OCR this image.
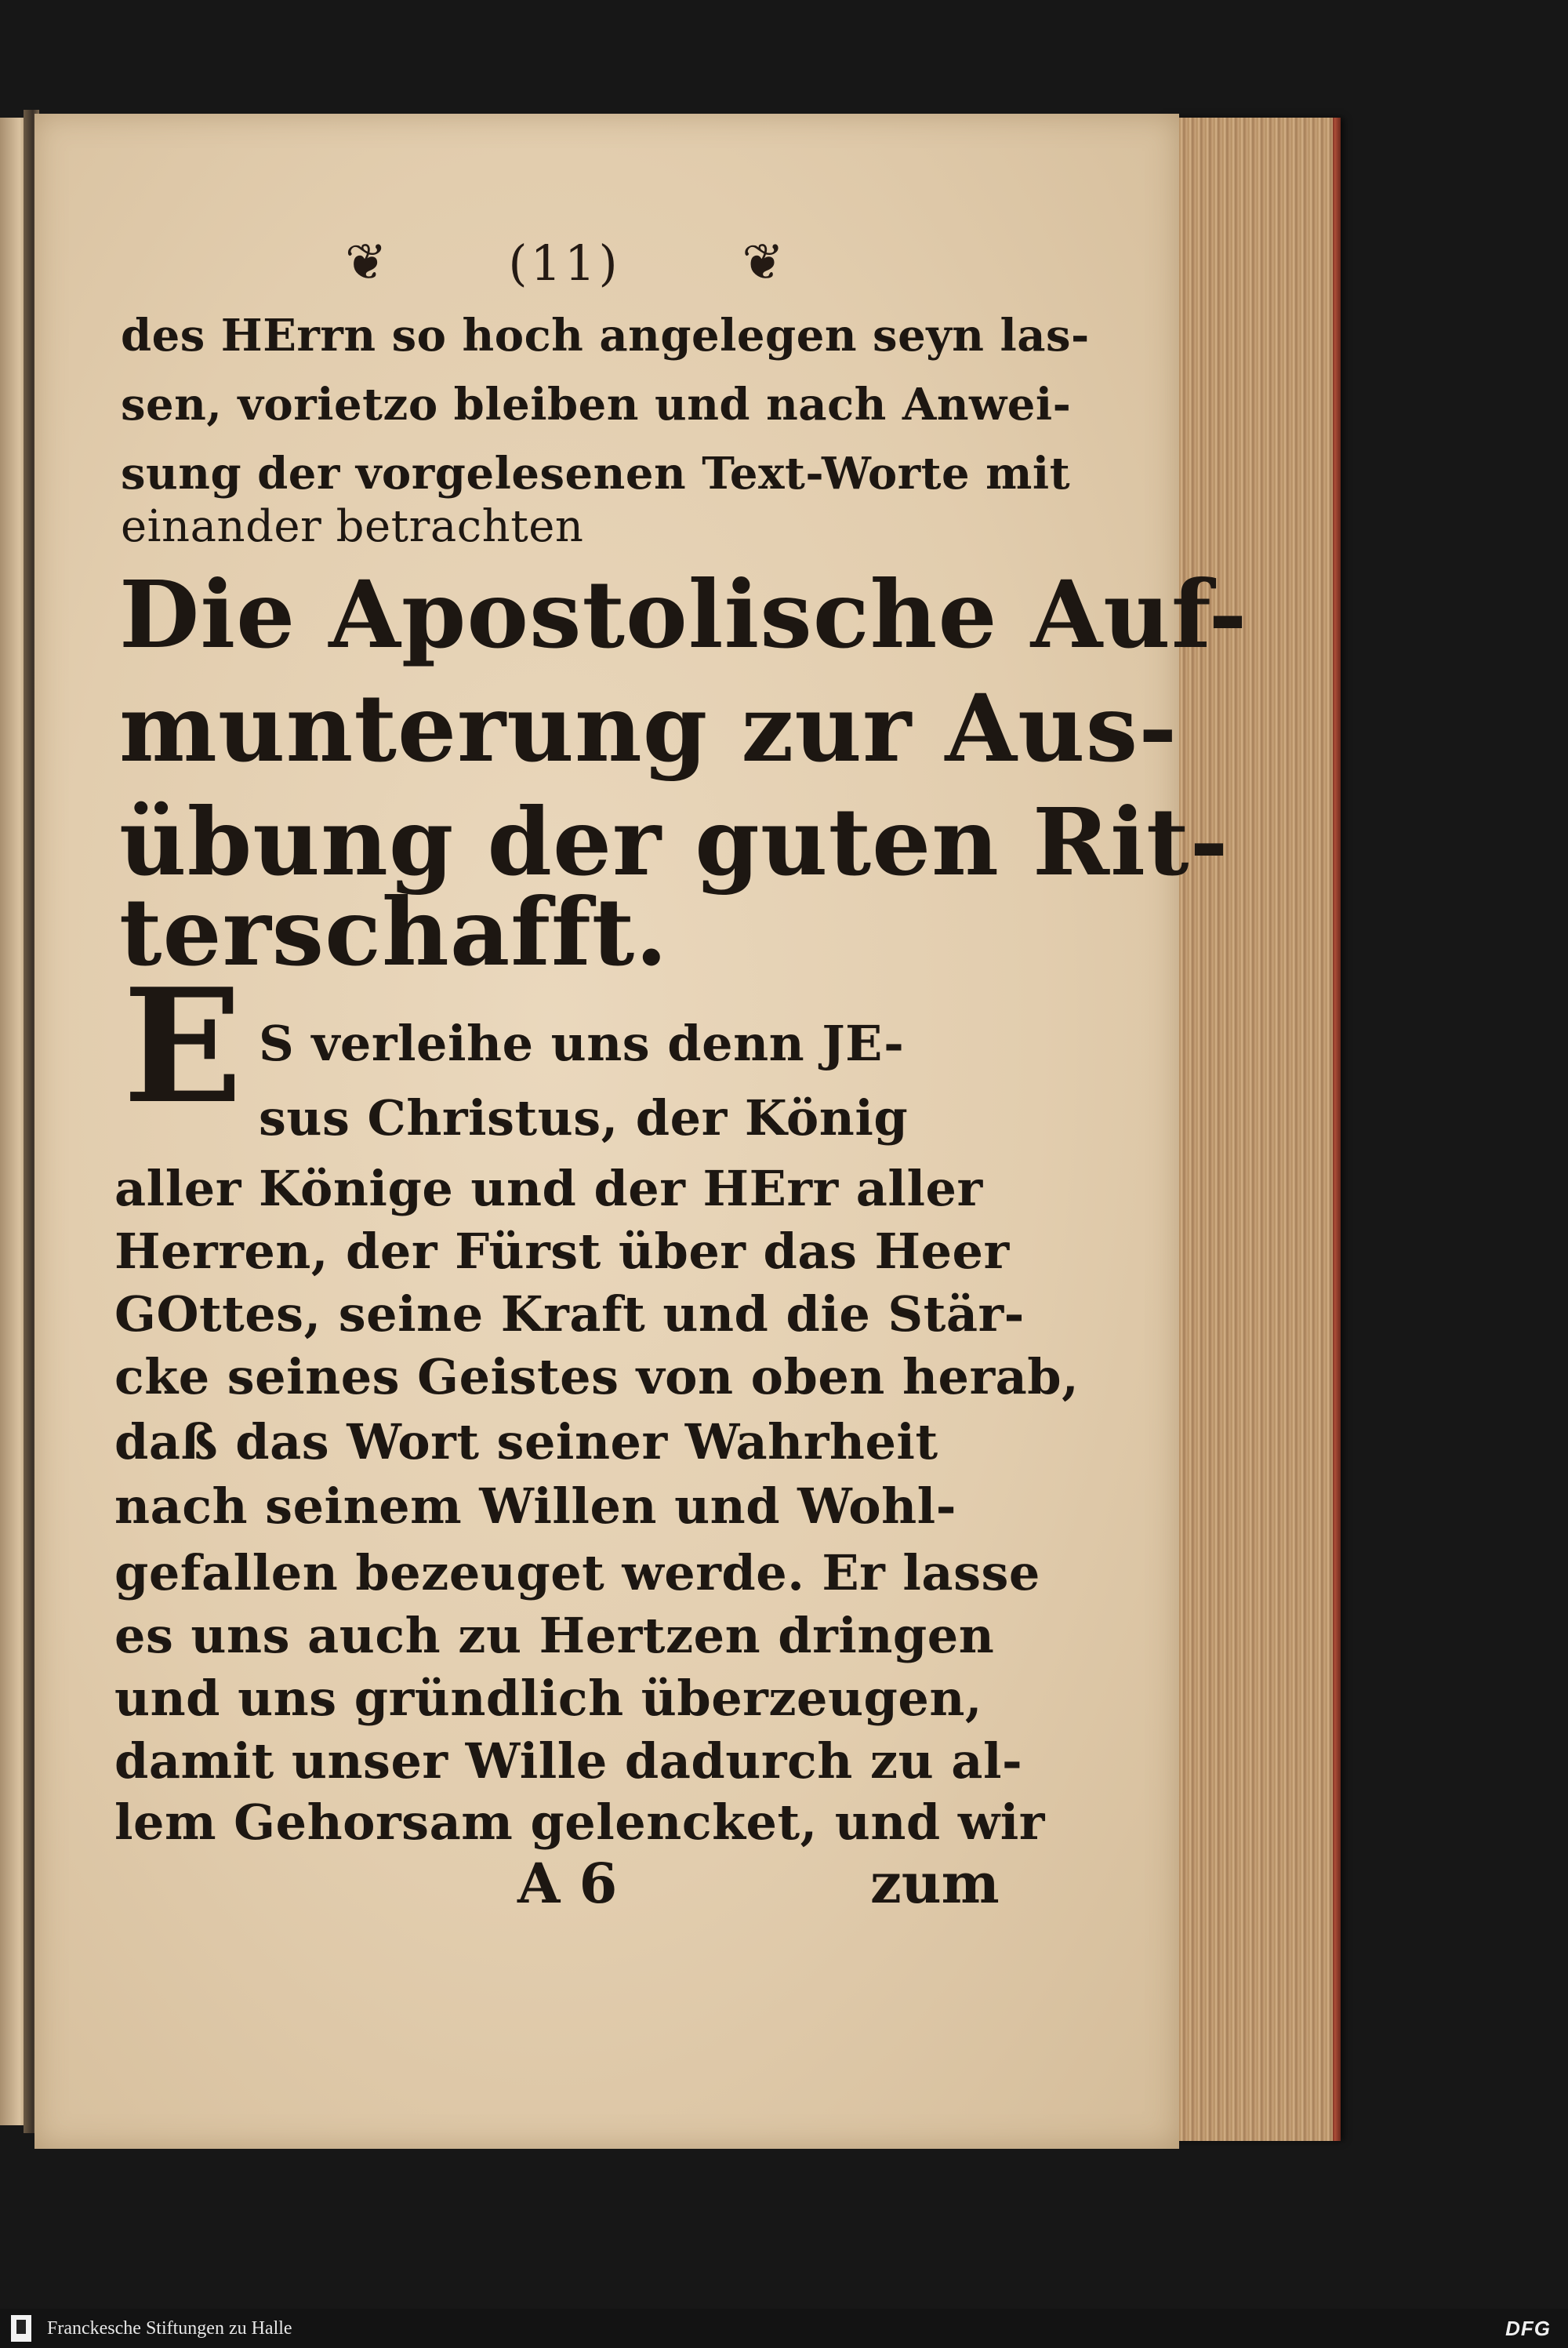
❦ (11) ❦
des HErrn so hoch angelegen seyn las-
sen, vorietzo bleiben und nach Anwei-
sung der vorgelesenen Text-Worte mit
einander betrachten
Die Apostolische Auf-
munterung zur Aus-
übung der guten Rit-
terschafft.
E S verleihe uns denn JE-
sus Christus, der König
aller Könige und der HErr aller
Herren, der Fürst über das Heer
GOttes, seine Kraft und die Stär-
cke seines Geistes von oben herab,
daß das Wort seiner Wahrheit
nach seinem Willen und Wohl-
gefallen bezeuget werde. Er lasse
es uns auch zu Hertzen dringen
und uns gründlich überzeugen,
damit unser Wille dadurch zu al-
lem Gehorsam gelencket, und wir
A 6	zum
Franckesche Stiftungen zu Halle	DFG
